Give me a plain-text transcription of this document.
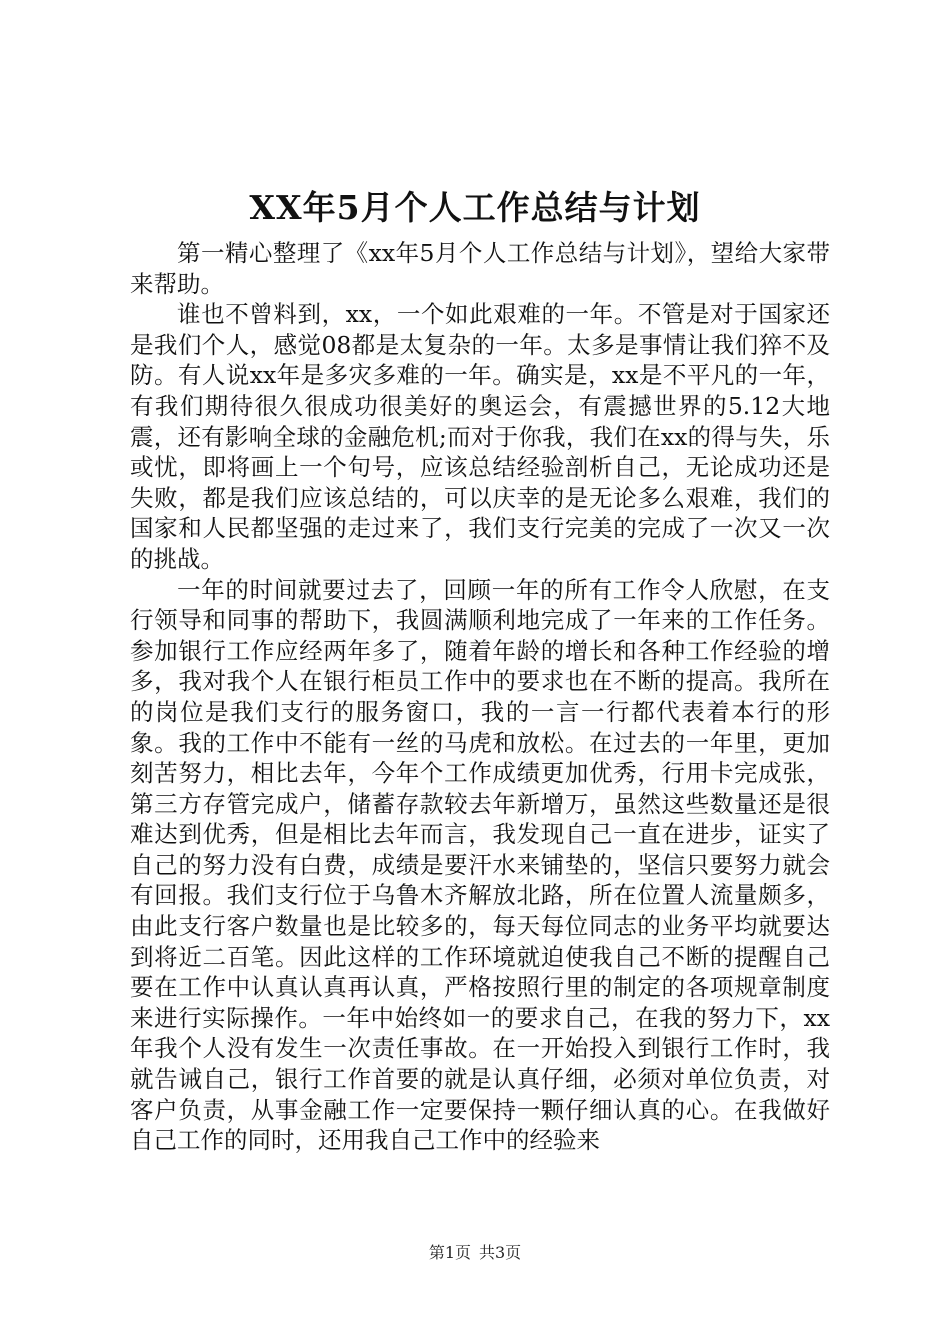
XX年5月个人工作总结与计划

第一精心整理了《xx年5月个人工作总结与计划》，望给大家带来帮助。

谁也不曾料到，xx，一个如此艰难的一年。不管是对于国家还是我们个人，感觉08都是太复杂的一年。太多是事情让我们猝不及防。有人说xx年是多灾多难的一年。确实是，xx是不平凡的一年，有我们期待很久很成功很美好的奥运会，有震撼世界的5.12大地震，还有影响全球的金融危机;而对于你我，我们在xx的得与失，乐或忧，即将画上一个句号，应该总结经验剖析自己，无论成功还是失败，都是我们应该总结的，可以庆幸的是无论多么艰难，我们的国家和人民都坚强的走过来了，我们支行完美的完成了一次又一次的挑战。

一年的时间就要过去了，回顾一年的所有工作令人欣慰，在支行领导和同事的帮助下，我圆满顺利地完成了一年来的工作任务。参加银行工作应经两年多了，随着年龄的增长和各种工作经验的增多，我对我个人在银行柜员工作中的要求也在不断的提高。我所在的岗位是我们支行的服务窗口，我的一言一行都代表着本行的形象。我的工作中不能有一丝的马虎和放松。在过去的一年里，更加刻苦努力，相比去年，今年个工作成绩更加优秀，行用卡完成张，第三方存管完成户，储蓄存款较去年新增万，虽然这些数量还是很难达到优秀，但是相比去年而言，我发现自己一直在进步，证实了自己的努力没有白费，成绩是要汗水来铺垫的，坚信只要努力就会有回报。我们支行位于乌鲁木齐解放北路，所在位置人流量颇多，由此支行客户数量也是比较多的，每天每位同志的业务平均就要达到将近二百笔。因此这样的工作环境就迫使我自己不断的提醒自己要在工作中认真认真再认真，严格按照行里的制定的各项规章制度来进行实际操作。一年中始终如一的要求自己，在我的努力下，xx年我个人没有发生一次责任事故。在一开始投入到银行工作时，我就告诫自己，银行工作首要的就是认真仔细，必须对单位负责，对客户负责，从事金融工作一定要保持一颗仔细认真的心。在我做好自己工作的同时，还用我自己工作中的经验来

第1页 共3页
